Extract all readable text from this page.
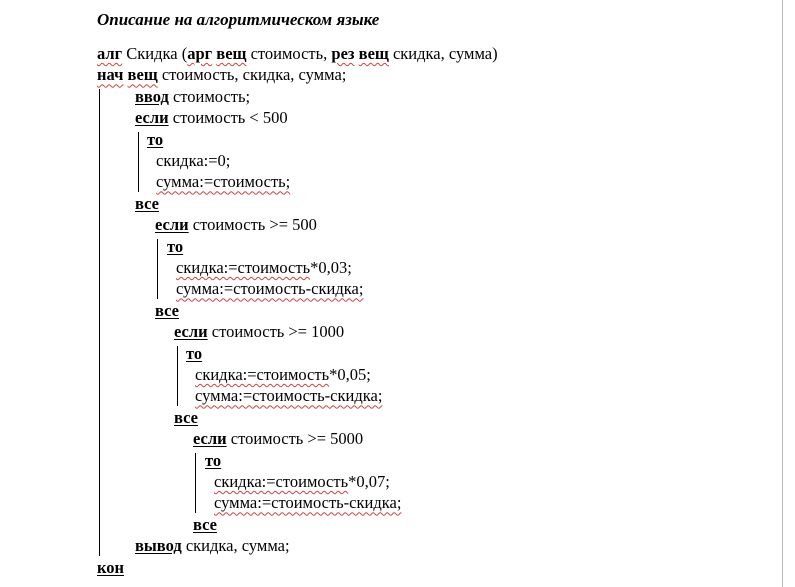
Описание на алгоритмическом языке
алг Скидка (арг вещ стоимость, рез вещ скидка, сумма)
нач вещ стоимость, скидка, сумма;
ввод стоимость;
если стоимость < 500
то
скидка:=0;
сумма:=стоимость;
все
если стоимость >= 500
то
скидка:=стоимость*0,03;
сумма:=стоимость-скидка;
все
если стоимость >= 1000
то
скидка:=стоимость*0,05;
сумма:=стоимость-скидка;
все
если стоимость >= 5000
то
скидка:=стоимость*0,07;
сумма:=стоимость-скидка;
все
вывод скидка, сумма;
кон
